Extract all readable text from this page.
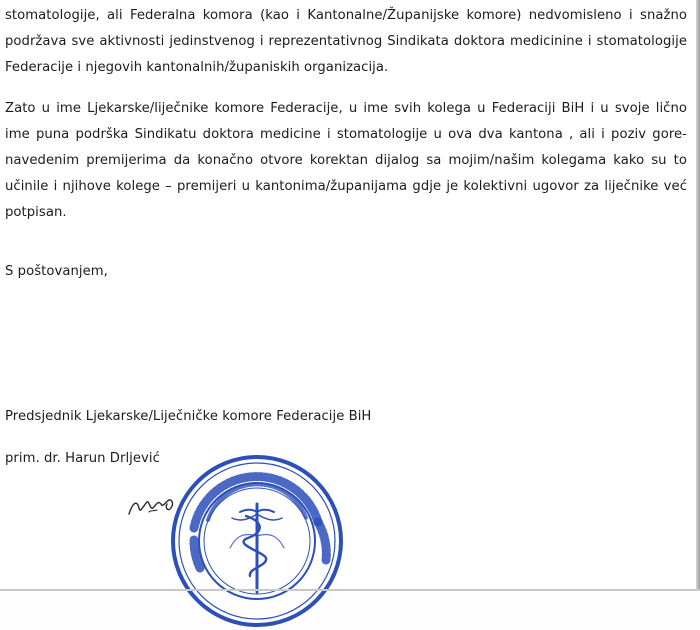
stomatologije, ali Federalna komora (kao i Kantonalne/Županijske komore) nedvomisleno i snažno
podržava sve aktivnosti jedinstvenog i reprezentativnog Sindikata doktora medicinine i stomatologije
Federacije i njegovih kantonalnih/županiskih organizacija.

Zato u ime Ljekarske/liječnike komore Federacije, u ime svih kolega u Federaciji BiH i u svoje lično
ime puna podrška Sindikatu doktora medicine i stomatologije u ova dva kantona , ali i poziv gore-
navedenim premijerima da konačno otvore korektan dijalog sa mojim/našim kolegama kako su to
učinile i njihove kolege – premijeri u kantonima/županijama gdje je kolektivni ugovor za liječnike već
potpisan.

S poštovanjem,

Predsjednik Ljekarske/Liječničke komore Federacije BiH

prim. dr. Harun Drljević
